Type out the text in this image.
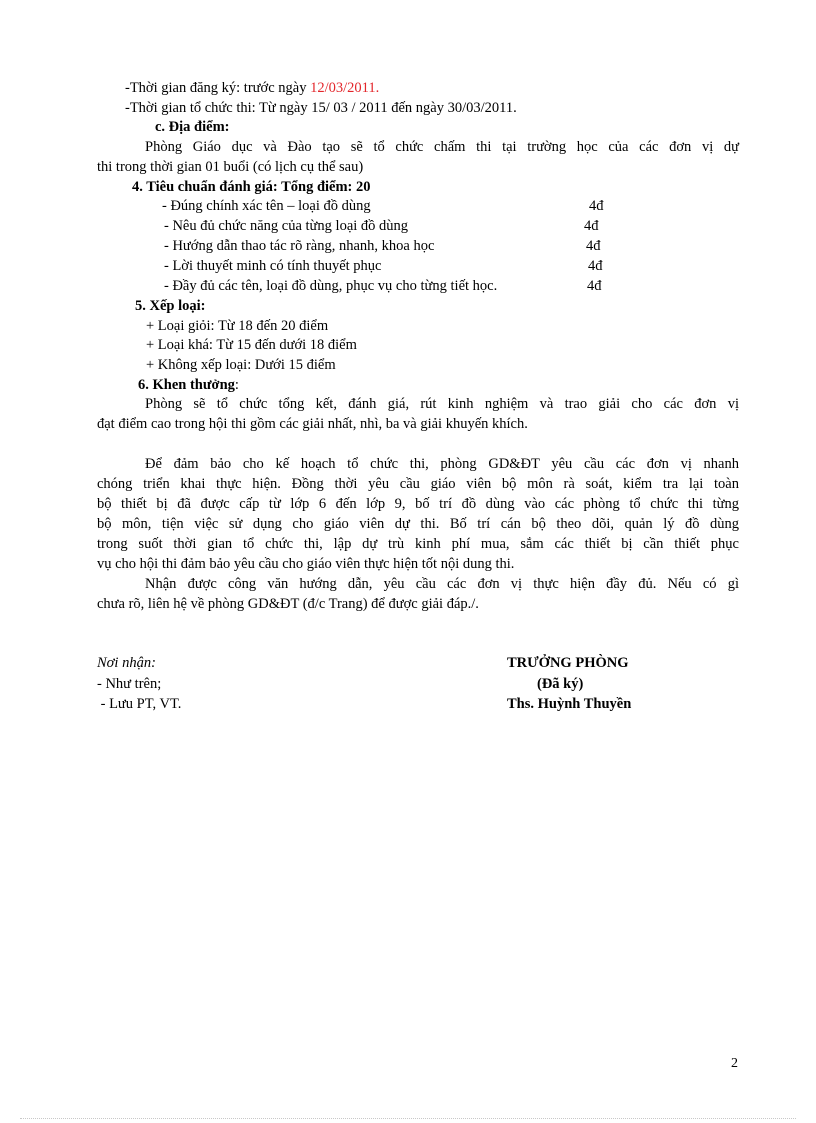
-Thời gian đăng ký: trước ngày 12/03/2011.
-Thời gian tổ chức thi: Từ ngày 15/ 03 / 2011 đến ngày 30/03/2011.
c. Địa điểm:
Phòng Giáo dục và Đào tạo sẽ tổ chức chấm thi tại trường học của các đơn vị dự
thi trong thời gian 01 buổi (có lịch cụ thể sau)
4. Tiêu chuẩn đánh giá: Tổng điểm: 20
- Đúng chính xác tên – loại đồ dùng	4đ
- Nêu đủ chức năng của từng loại đồ dùng	4đ
- Hướng dẫn thao tác rõ ràng, nhanh, khoa học	4đ
- Lời thuyết minh có tính thuyết phục	4đ
- Đầy đủ các tên, loại đồ dùng, phục vụ cho từng tiết học.	4đ
5. Xếp loại:
+ Loại giỏi: Từ 18 đến 20 điểm
+ Loại khá: Từ 15 đến dưới 18 điểm
+ Không xếp loại: Dưới 15 điểm
6. Khen thưởng:
Phòng sẽ tổ chức tổng kết, đánh giá, rút kinh nghiệm và trao giải cho các đơn vị
đạt điểm cao trong hội thi gồm các giải nhất, nhì, ba và giải khuyến khích.
Để đảm bảo cho kế hoạch tổ chức thi, phòng GD&ĐT yêu cầu các đơn vị nhanh
chóng triển khai thực hiện. Đồng thời yêu cầu giáo viên bộ môn rà soát, kiểm tra lại toàn
bộ thiết bị đã được cấp từ lớp 6 đến lớp 9, bố trí đồ dùng vào các phòng tổ chức thi từng
bộ môn, tiện việc sử dụng cho giáo viên dự thi. Bố trí cán bộ theo dõi, quản lý đồ dùng
trong suốt thời gian tổ chức thi, lập dự trù kinh phí mua, sắm các thiết bị cần thiết phục
vụ cho hội thi đảm bảo yêu cầu cho giáo viên thực hiện tốt nội dung thi.
Nhận được công văn hướng dẫn, yêu cầu các đơn vị thực hiện đầy đủ. Nếu có gì
chưa rõ, liên hệ về phòng GD&ĐT (đ/c Trang) để được giải đáp./.
Nơi nhận:
- Như trên;
- Lưu PT, VT.
TRƯỞNG PHÒNG
(Đã ký)
Ths. Huỳnh Thuyền
2
